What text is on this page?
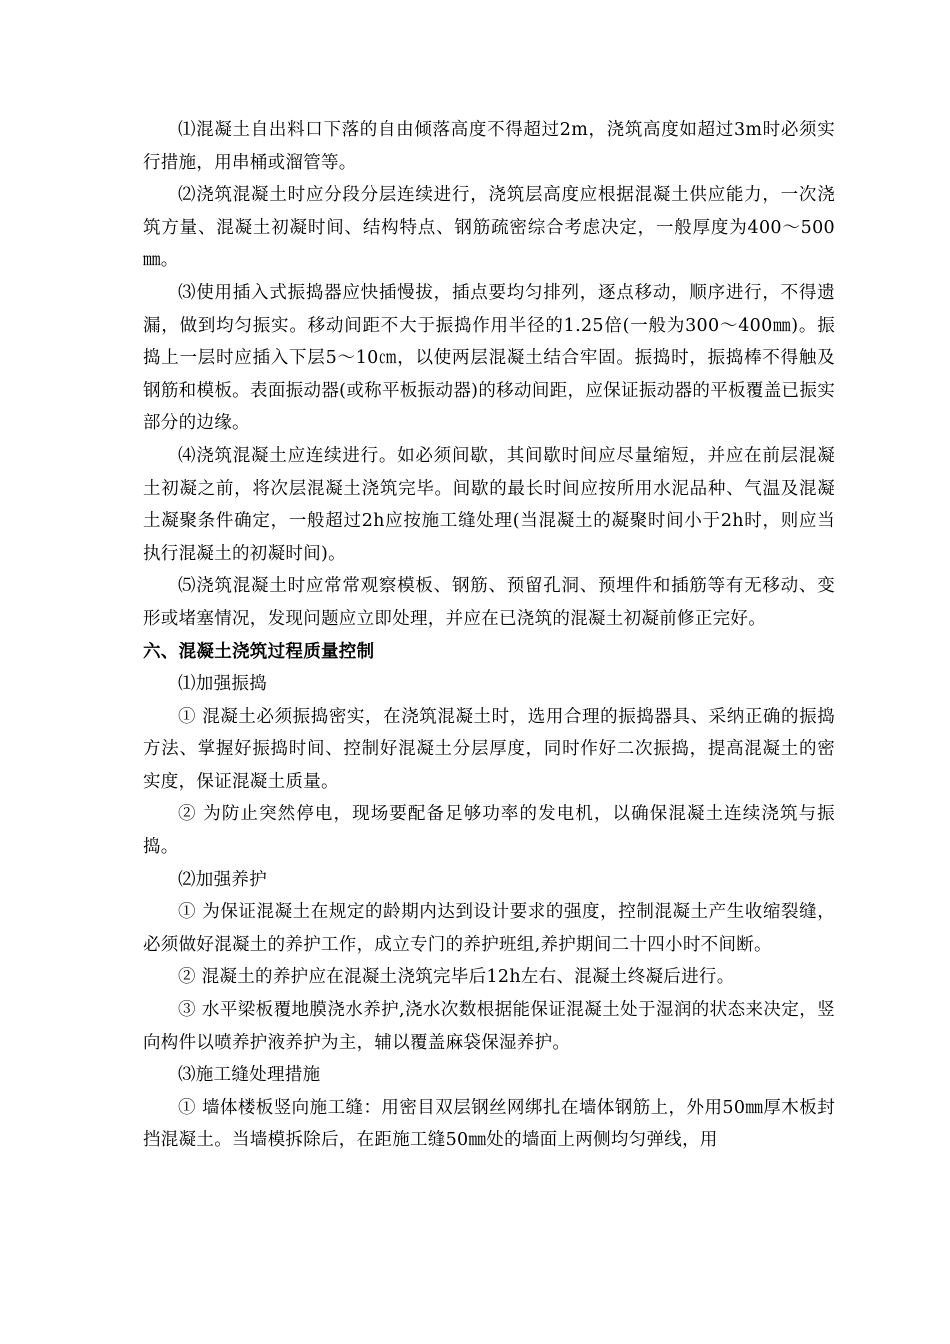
⑴混凝土自出料口下落的自由倾落高度不得超过2m，浇筑高度如超过3m时必须实行措施，用串桶或溜管等。

⑵浇筑混凝土时应分段分层连续进行，浇筑层高度应根据混凝土供应能力，一次浇筑方量、混凝土初凝时间、结构特点、钢筋疏密综合考虑决定，一般厚度为400～500㎜。

⑶使用插入式振捣器应快插慢拔，插点要均匀排列，逐点移动，顺序进行，不得遗漏，做到均匀振实。移动间距不大于振捣作用半径的1.25倍(一般为300～400㎜)。振捣上一层时应插入下层5～10㎝，以使两层混凝土结合牢固。振捣时，振捣棒不得触及钢筋和模板。表面振动器(或称平板振动器)的移动间距，应保证振动器的平板覆盖已振实部分的边缘。

⑷浇筑混凝土应连续进行。如必须间歇，其间歇时间应尽量缩短，并应在前层混凝土初凝之前，将次层混凝土浇筑完毕。间歇的最长时间应按所用水泥品种、气温及混凝土凝聚条件确定，一般超过2h应按施工缝处理(当混凝土的凝聚时间小于2h时，则应当执行混凝土的初凝时间)。

⑸浇筑混凝土时应常常观察模板、钢筋、预留孔洞、预埋件和插筋等有无移动、变形或堵塞情况，发现问题应立即处理，并应在已浇筑的混凝土初凝前修正完好。

六、混凝土浇筑过程质量控制

⑴加强振捣

① 混凝土必须振捣密实，在浇筑混凝土时，选用合理的振捣器具、采纳正确的振捣方法、掌握好振捣时间、控制好混凝土分层厚度，同时作好二次振捣，提高混凝土的密实度，保证混凝土质量。

② 为防止突然停电，现场要配备足够功率的发电机，以确保混凝土连续浇筑与振捣。

⑵加强养护

① 为保证混凝土在规定的龄期内达到设计要求的强度，控制混凝土产生收缩裂缝，必须做好混凝土的养护工作，成立专门的养护班组,养护期间二十四小时不间断。

② 混凝土的养护应在混凝土浇筑完毕后12h左右、混凝土终凝后进行。

③ 水平梁板覆地膜浇水养护,浇水次数根据能保证混凝土处于湿润的状态来决定，竖向构件以喷养护液养护为主，辅以覆盖麻袋保湿养护。

⑶施工缝处理措施

① 墙体楼板竖向施工缝：用密目双层钢丝网绑扎在墙体钢筋上，外用50㎜厚木板封挡混凝土。当墙模拆除后，在距施工缝50㎜处的墙面上两侧均匀弹线，用
